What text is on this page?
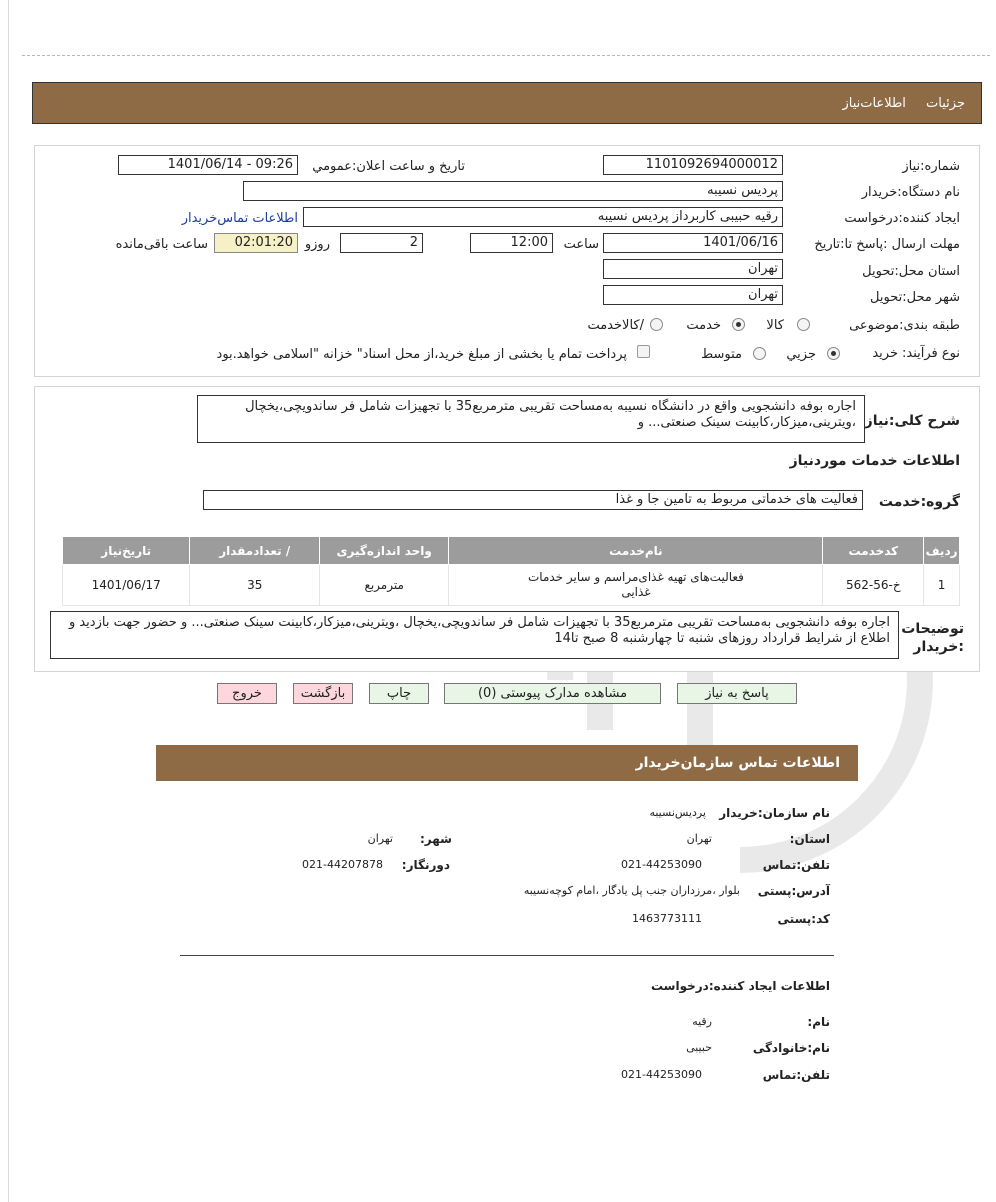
جزئیات اطلاعات‌نیاز
شماره:نیاز
1101092694000012
تاریخ و ساعت اعلان:عمومي
1401/06/14 - 09:26
نام دستگاه:خریدار
پردیس نسیبه
ایجاد کننده:درخواست
رقیه حبیبی کاربرداز پردیس نسیبه
اطلاعات تماس‌خریدار
مهلت ارسال :پاسخ تا:تاریخ
1401/06/16
ساعت
12:00
2
روزو
02:01:20
ساعت باقی‌مانده
استان محل:تحویل
تهران
شهر محل:تحویل
تهران
طبقه بندی:موضوعی
کالا
خدمت
/کالاخدمت
نوع فرآیند:
خرید
جزيي
متوسط
پرداخت تمام یا بخشی از مبلغ خرید،از محل اسناد" خزانه "اسلامی خواهد.بود
شرح کلی:نیاز
اجاره بوفه دانشجویی واقع در دانشگاه نسیبه به‌مساحت تقریبی مترمربع35 با تجهیزات شامل فر ساندویچی،یخچال ،ویترینی،میزکار،کابینت سینک صنعتی... و
اطلاعات خدمات موردنیاز
گروه:خدمت
فعالیت های خدماتی مربوط به تامین جا و غذا
ردیف	کدخدمت	نام‌خدمت	واحد اندازه‌گیری	/ تعدادمقدار	تاریخ‌نیاز
1	خ-56-562	فعالیت‌های تهیه غذای‌مراسم و سایر خدمات غذایی	مترمربع	35	1401/06/17
توضیحات :خریدار
اجاره بوفه دانشجویی به‌مساحت تقریبی مترمربع35 با تجهیزات شامل فر ساندویچی،یخچال ،ویترینی،میزکار،کابینت سینک صنعتی... و حضور جهت بازدید و اطلاع از شرایط قرارداد روزهای شنبه تا چهارشنبه 8 صبح تا14
پاسخ به نیاز
مشاهده مدارک پیوستی (0)
چاپ
بازگشت
خروج
اطلاعات تماس سازمان‌خریدار
نام سازمان:خریدار
پردیس‌نسیبه
استان:
تهران
شهر:
تهران
تلفن:تماس
021-44253090
دورنگار:
021-44207878
آدرس:پستی
بلوار ،مرزداران جنب پل یادگار ،امام کوچه‌نسیبه
کد:پستی
1463773111
اطلاعات ایجاد کننده:درخواست
نام:
رقیه
نام:خانوادگی
حبیبی
تلفن:تماس
021-44253090
